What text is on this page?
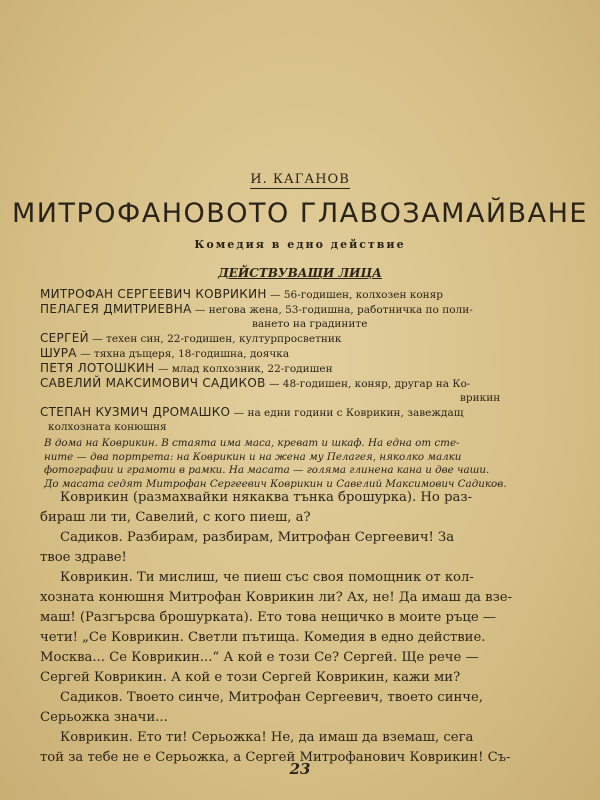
И. КАГАНОВ
МИТРОФАНОВОТО ГЛАВОЗАМАЙВАНЕ
Комедия в едно действие
ДЕЙСТВУВАЩИ ЛИЦА
МИТРОФАН СЕРГЕЕВИЧ КОВРИКИН — 56-годишен, колхозен коняр
ПЕЛАГЕЯ ДМИТРИЕВНА — негова жена, 53-годишна, работничка по поли-
ването на градините
СЕРГЕЙ — техен син, 22-годишен, културпросветник
ШУРА — тяхна дъщеря, 18-годишна, доячка
ПЕТЯ ЛОТОШКИН — млад колхозник, 22-годишен
САВЕЛИЙ МАКСИМОВИЧ САДИКОВ — 48-годишен, коняр, другар на Ко-
врикин
СТЕПАН КУЗМИЧ ДРОМАШКО — на едни години с Коврикин, завеждащ
колхозната конюшня
В дома на Коврикин. В стаята има маса, креват и шкаф. На една от сте-
ните — два портрета: на Коврикин и на жена му Пелагея, няколко малки
фотографии и грамоти в рамки. На масата — голяма глинена кана и две чаши.
До масата седят Митрофан Сергеевич Коврикин и Савелий Максимович Садиков.
Коврикин (размахвайки някаква тънка брошурка). Но раз-
бираш ли ти, Савелий, с кого пиеш, а?
Садиков. Разбирам, разбирам, Митрофан Сергеевич! За
твое здраве!
Коврикин. Ти мислиш, че пиеш със своя помощник от кол-
хозната конюшня Митрофан Коврикин ли? Ах, не! Да имаш да взе-
маш! (Разгърсва брошурката). Ето това нещичко в моите ръце —
чети! „Се Коврикин. Светли пътища. Комедия в едно действие.
Москва... Се Коврикин...“ А кой е този Се? Сергей. Ще рече —
Сергей Коврикин. А кой е този Сергей Коврикин, кажи ми?
Садиков. Твоето синче, Митрофан Сергеевич, твоето синче,
Серьожка значи...
Коврикин. Ето ти! Серьожка! Не, да имаш да вземаш, сега
той за тебе не е Серьожка, а Сергей Митрофанович Коврикин! Съ-
23
